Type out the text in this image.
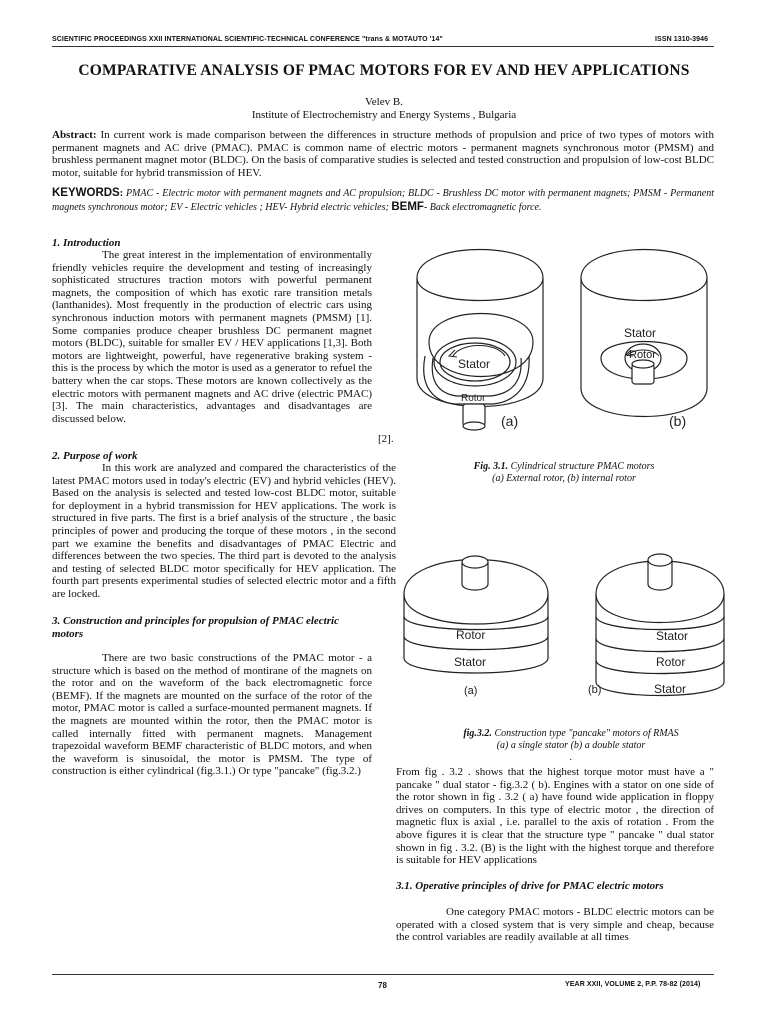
SCIENTIFIC PROCEEDINGS XXII INTERNATIONAL SCIENTIFIC-TECHNICAL CONFERENCE "trans & MOTAUTO '14"	ISSN 1310-3946
COMPARATIVE ANALYSIS OF PMAC MOTORS FOR EV AND HEV APPLICATIONS
Velev B.
Institute of Electrochemistry and Energy Systems , Bulgaria
Abstract: In current work is made comparison between the differences in structure methods of propulsion and price of two types of motors with permanent magnets and AC drive (PMAC). PMAC is common name of electric motors - permanent magnets synchronous motor (PMSM) and brushless permanent magnet motor (BLDC). On the basis of comparative studies is selected and tested construction and propulsion of low-cost BLDC motor, suitable for hybrid transmission of HEV.
KEYWORDS: PMAC - Electric motor with permanent magnets and AC propulsion; BLDC - Brushless DC motor with permanent magnets; PMSM - Permanent magnets synchronous motor; EV - Electric vehicles ; HEV- Hybrid electric vehicles; BEMF- Back electromagnetic force.
1. Introduction

The great interest in the implementation of environmentally friendly vehicles require the development and testing of increasingly sophisticated structures traction motors with powerful permanent magnets, the composition of which has exotic rare transition metals (lanthanides). Most frequently in the production of electric cars using synchronous induction motors with permanent magnets (PMSM) [1]. Some companies produce cheaper brushless DC permanent magnet motors (BLDC), suitable for smaller EV / HEV applications [1,3]. Both motors are lightweight, powerful, have regenerative braking system - this is the process by which the motor is used as a generator to refuel the battery when the car stops. These motors are known collectively as the electric motors with permanent magnets and AC drive (electric PMAC) [3]. The main characteristics, advantages and disadvantages are discussed below.

[2].
2. Purpose of work

In this work are analyzed and compared the characteristics of the latest PMAC motors used in today's electric (EV) and hybrid vehicles (HEV). Based on the analysis is selected and tested low-cost BLDC motor, suitable for deployment in a hybrid transmission for HEV applications. The work is structured in five parts. The first is a brief analysis of the structure , the basic principles of power and producing the torque of these motors , in the second part we examine the benefits and disadvantages of PMAC Electric and differences between the two species. The third part is devoted to the analysis and testing of selected BLDC motor specifically for HEV application. The fourth part presents experimental studies of selected electric motor and a fifth are locked.

3. Construction and principles for propulsion of PMAC electric motors

There are two basic constructions of the PMAC motor - a structure which is based on the method of montirane of the magnets on the rotor and on the waveform of the back electromagnetic force (BEMF). If the magnets are mounted on the surface of the rotor of the motor, PMAC motor is called a surface-mounted permanent magnets. If the magnets are mounted within the rotor, then the PMAC motor is called internally fitted with permanent magnets. Management trapezoidal waveform BEMF characteristic of BLDC motors, and when the waveform is sinusoidal, the motor is PMSM. The type of construction is either cylindrical (fig.3.1.) Or type "pancake" (fig.3.2.)

Stator
Rotor
(a)
Stator
Rotor
(b)
Fig. 3.1. Cylindrical structure PMAC motors
(a) External rotor, (b) internal rotor
Rotor
Stator
(a)
Stator
Rotor
Stator
(b)
fig.3.2. Construction type "pancake" motors of RMAS
(a) a single stator (b) a double stator
.

From fig . 3.2 . shows that the highest torque motor must have a " pancake " dual stator - fig.3.2 ( b). Engines with a stator on one side of the rotor shown in fig . 3.2 ( a) have found wide application in floppy drives on computers. In this type of electric motor , the direction of magnetic flux is axial , i.e. parallel to the axis of rotation . From the above figures it is clear that the structure type " pancake " dual stator shown in fig . 3.2. (B) is the light with the highest torque and therefore is suitable for HEV applications

3.1. Operative principles of drive for PMAC electric motors

One category PMAC motors - BLDC electric motors can be operated with a closed system that is very simple and cheap, because the control variables are readily available at all times

78	YEAR XXII, VOLUME 2, P.P. 78-82 (2014)
